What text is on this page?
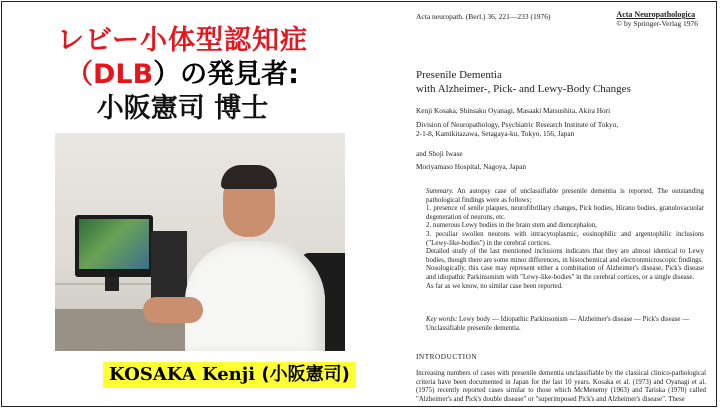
レビー小体型認知症
（DLB）の発見者:
小阪憲司 博士
KOSAKA Kenji (小阪憲司)
Acta neuropath. (Berl.) 36, 221—233 (1976)	Acta Neuropathologica
© by Springer-Verlag 1976
Presenile Dementia
with Alzheimer-, Pick- and Lewy-Body Changes
Kenji Kosaka, Shinsaku Oyanagi, Masaaki Matsushita, Akira Hori
Division of Neuropathology, Psychiatric Research Institute of Tokyo,
2-1-8, Kamikitazawa, Setagaya-ku, Tokyo, 156, Japan
and Shoji Iwase
Moriyamaso Hospital, Nagoya, Japan

Summary. An autopsy case of unclassifiable presenile dementia is reported. The outstanding pathological findings were as follows;

1. presence of senile plaques, neurofibrillary changes, Pick bodies, Hirano bodies, granulovacuolar degeneration of neurons, etc.

2. numerous Lewy bodies in the brain stem and diencephalon,

3. peculiar swollen neurons with intracytoplasmic, eosinophilic and argentophilic inclusions ("Lewy-like-bodies") in the cerebral cortices.

Detailed study of the last mentioned inclusions indicates that they are almost identical to Lewy bodies, though there are some minor differences, in histochemical and electronmicroscopic findings.

Nosologically, this case may represent either a combination of Alzheimer's disease, Pick's disease and idiopathic Parkinsonism with "Lewy-like-bodies" in the cerebral cortices, or a single disease.

As far as we know, no similar case been reported.

Key words: Lewy body — Idiopathic Parkinsonism — Alzheimer's disease — Pick's disease — Unclassifiable presenile dementia.
INTRODUCTION

Increasing numbers of cases with presenile dementia unclassifiable by the classical clinico-pathological criteria have been documented in Japan for the last 10 years. Kosaka et al. (1973) and Oyanagi et al. (1975) recently reported cases similar to those which McMenemy (1963) and Tariska (1970) called "Alzheimer's and Pick's double disease" or "superimposed Pick's and Alzheimer's disease". These
